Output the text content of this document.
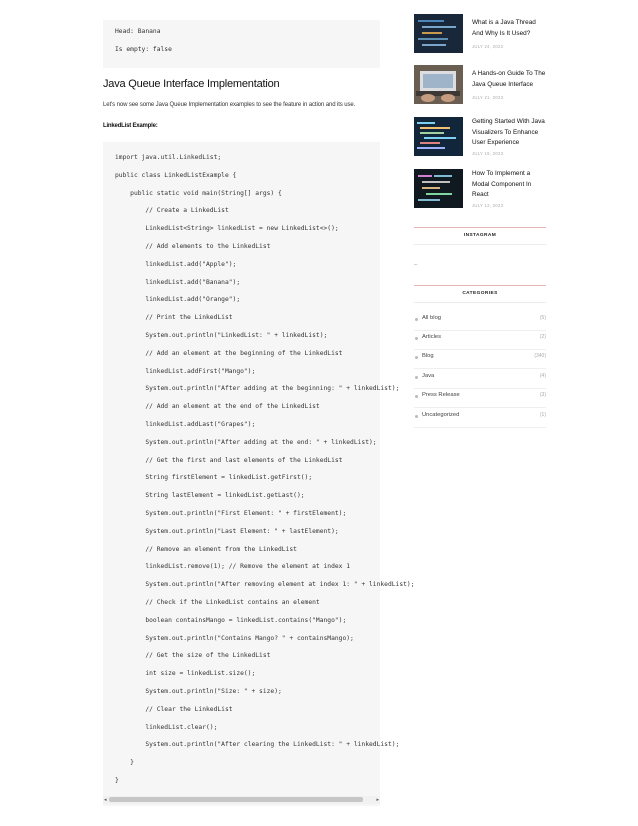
Head: Banana

Is empty: false

Java Queue Interface Implementation
Let’s now see some Java Queue Implementation examples to see the feature in action and its use.
LinkedList Example:
import java.util.LinkedList;
public class LinkedListExample {
public static void main(String[] args) {
// Create a LinkedList
LinkedList<String> linkedList = new LinkedList<>();
// Add elements to the LinkedList
linkedList.add("Apple");
linkedList.add("Banana");
linkedList.add("Orange");
// Print the LinkedList
System.out.println("LinkedList: " + linkedList);
// Add an element at the beginning of the LinkedList
linkedList.addFirst("Mango");
System.out.println("After adding at the beginning: " + linkedList);
// Add an element at the end of the LinkedList
linkedList.addLast("Grapes");
System.out.println("After adding at the end: " + linkedList);
// Get the first and last elements of the LinkedList
String firstElement = linkedList.getFirst();
String lastElement = linkedList.getLast();
System.out.println("First Element: " + firstElement);
System.out.println("Last Element: " + lastElement);
// Remove an element from the LinkedList
linkedList.remove(1); // Remove the element at index 1
System.out.println("After removing element at index 1: " + linkedList);
// Check if the LinkedList contains an element
boolean containsMango = linkedList.contains("Mango");
System.out.println("Contains Mango? " + containsMango);
// Get the size of the LinkedList
int size = linkedList.size();
System.out.println("Size: " + size);
// Clear the LinkedList
linkedList.clear();
System.out.println("After clearing the LinkedList: " + linkedList);
}
}
◂	▸
What is a Java Thread And Why Is It Used?
JULY 24, 2023
A Hands-on Guide To The Java Queue Interface
JULY 21, 2023
Getting Started With Java Visualizers To Enhance User Experience
JULY 19, 2023
How To Implement a Modal Component In React
JULY 12, 2023
INSTAGRAM
–
CATEGORIES
All blog	(5)
Articles	(2)
Blog	(340)
Java	(4)
Press Release	(3)
Uncategorized	(1)
